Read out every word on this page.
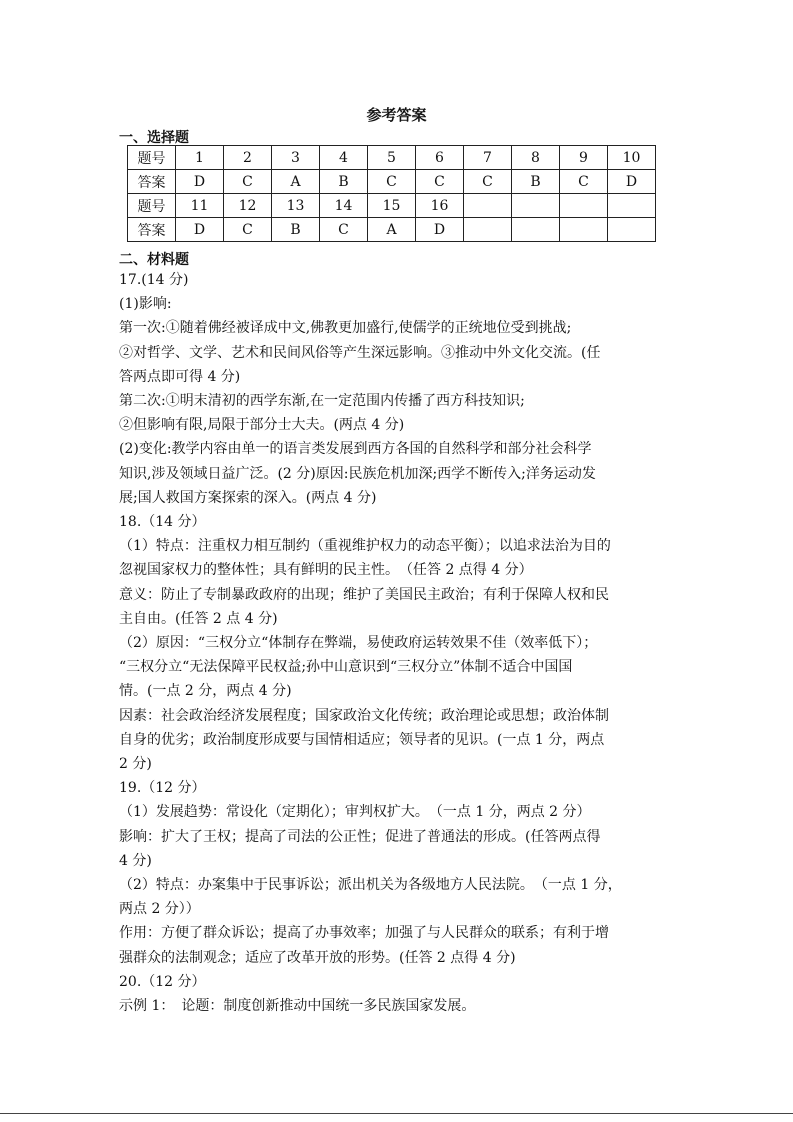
参考答案
一、选择题
题号	1	2	3	4	5	6	7	8	9	10
答案	D	C	A	B	C	C	C	B	C	D
题号	11	12	13	14	15	16				
答案	D	C	B	C	A	D				
二、材料题
17.(14 分)
(1)影响:
第一次:①随着佛经被译成中文,佛教更加盛行,使儒学的正统地位受到挑战;
②对哲学、文学、艺术和民间风俗等产生深远影响。③推动中外文化交流。(任
答两点即可得 4 分)
第二次:①明末清初的西学东渐,在一定范围内传播了西方科技知识;
②但影响有限,局限于部分士大夫。(两点 4 分)
(2)变化:教学内容由单一的语言类发展到西方各国的自然科学和部分社会科学
知识,涉及领域日益广泛。(2 分)原因:民族危机加深;西学不断传入;洋务运动发
展;国人救国方案探索的深入。(两点 4 分)
18.（14 分）
（1）特点：注重权力相互制约（重视维护权力的动态平衡）；以追求法治为目的
忽视国家权力的整体性；具有鲜明的民主性。　（任答 2 点得 4 分）
意义：防止了专制暴政政府的出现；维护了美国民主政治；有利于保障人权和民
主自由。(任答 2 点 4 分)
（2）原因：“三权分立“体制存在弊端，易使政府运转效果不佳（效率低下）；
“三权分立“无法保障平民权益;孙中山意识到“三权分立”体制不适合中国国
情。(一点 2 分，两点 4 分)
因素：社会政治经济发展程度；国家政治文化传统；政治理论或思想；政治体制
自身的优劣；政治制度形成要与国情相适应；领导者的见识。(一点 1 分，两点
2 分)
19.（12 分）
（1）发展趋势：常设化（定期化）；审判权扩大。　（一点 1 分，两点 2 分）
影响：扩大了王权；提高了司法的公正性；促进了普通法的形成。(任答两点得
4 分)
（2）特点：办案集中于民事诉讼；派出机关为各级地方人民法院。　（一点 1 分，
两点 2 分））
作用：方便了群众诉讼；提高了办事效率；加强了与人民群众的联系；有利于增
强群众的法制观念；适应了改革开放的形势。(任答 2 点得 4 分)
20.（12 分）
示例 1：　论题：制度创新推动中国统一多民族国家发展。
